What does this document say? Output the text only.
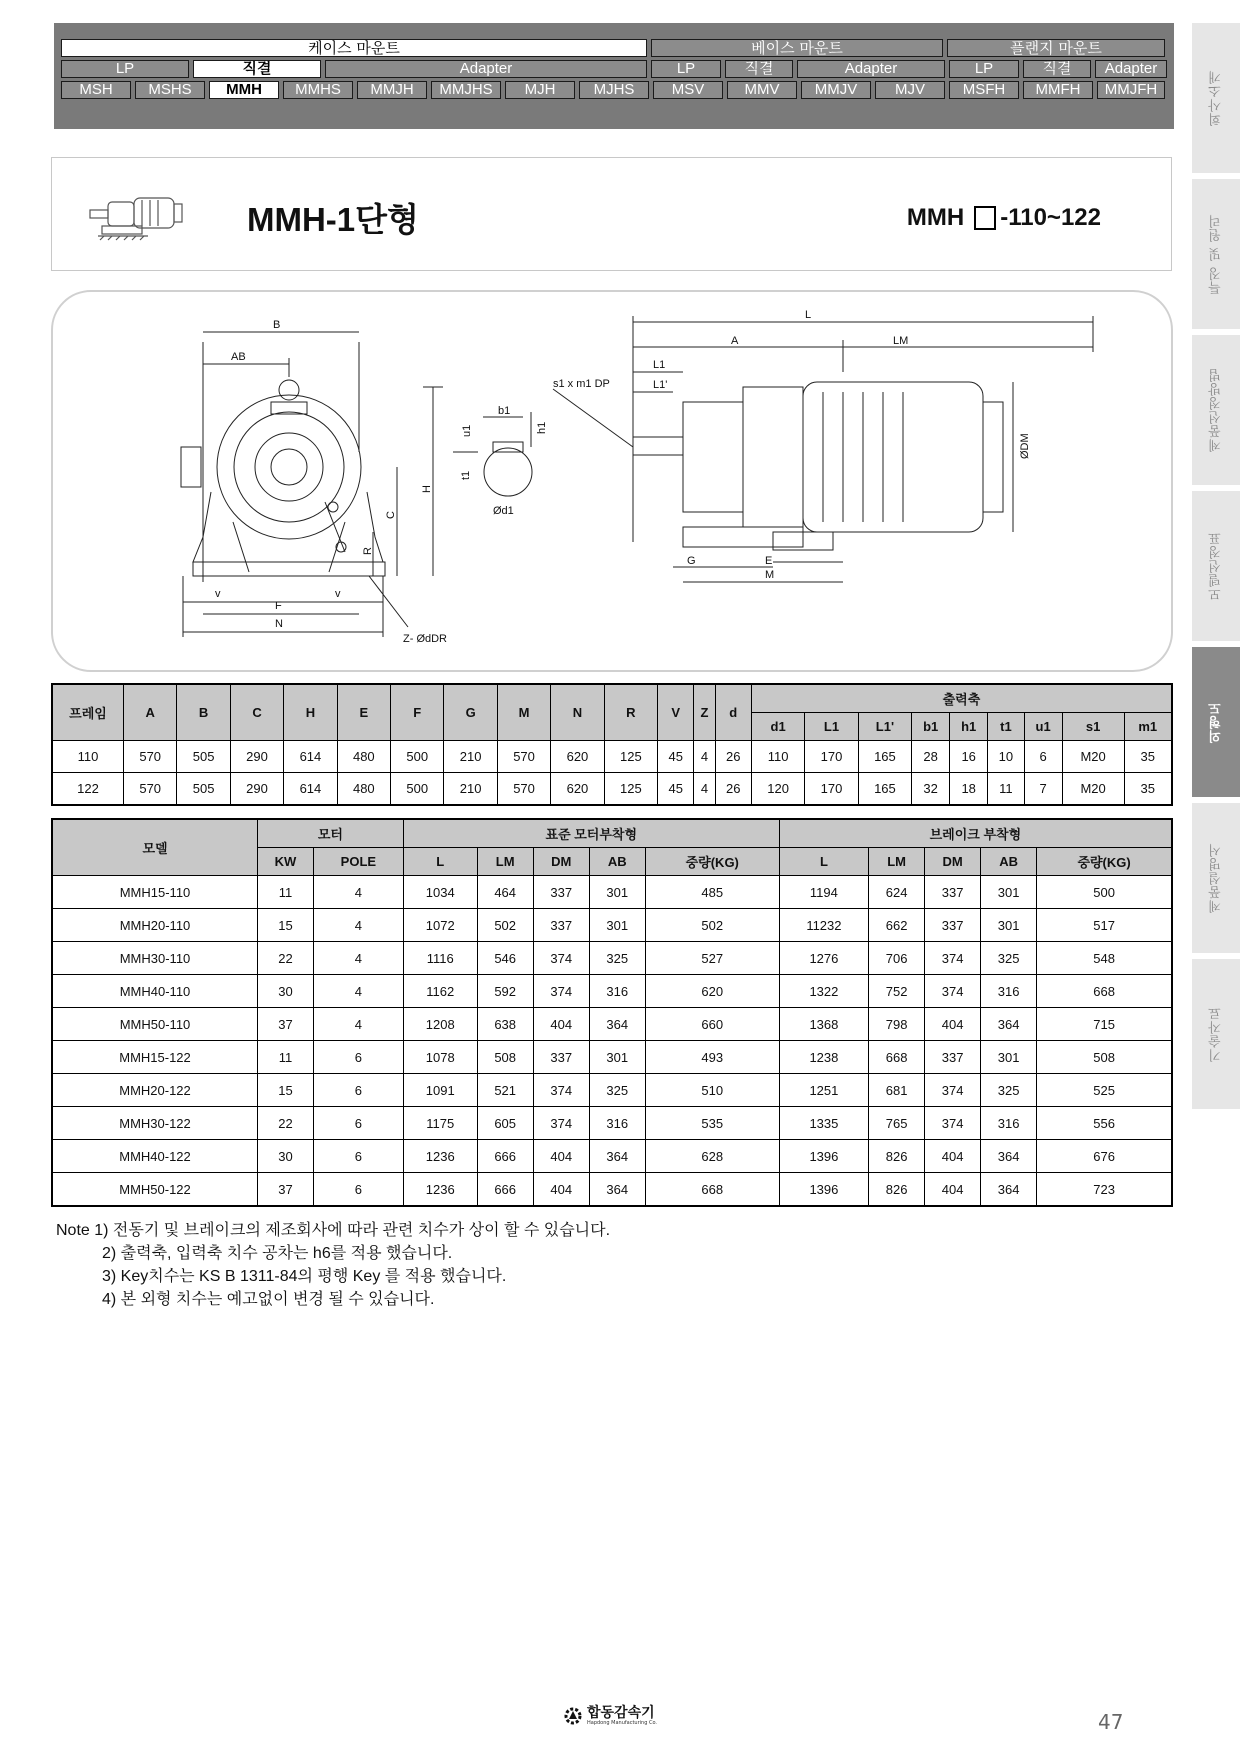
케이스 마운트	베이스 마운트	플랜지 마운트
LP	직결	Adapter	LP	직결	Adapter	LP	직결	Adapter
MSH	MSHS	MMH	MMHS	MMJH	MMJHS	MJH	MJHS	MSV	MMV	MMJV	MJV	MSFH	MMFH	MMJFH	회사소개
특징 및 원리
제품선정방법
모델선정표
외형도
제품설명서
기술자료
MMH-1단형	MMH -110~122
B
AB
H
C
R
v	v
F
N
Z- ØdDR
u1
t1
b1
h1
Ød1
s1 x m1 DP
L
A	LM
L1
L1'
ØDM
G	E
M
프레임	A	B	C	H	E	F	G	M	N	R	V	Z	d	출력축								
														d1	L1	L1'	b1	h1	t1	u1	s1	m1
110	570	505	290	614	480	500	210	570	620	125	45	4	26	110	170	165	28	16	10	6	M20	35
122	570	505	290	614	480	500	210	570	620	125	45	4	26	120	170	165	32	18	11	7	M20	35
모델	모터		표준 모터부착형					브레이크 부착형				
	KW	POLE	L	LM	DM	AB	중량(KG)	L	LM	DM	AB	중량(KG)
MMH15-110	11	4	1034	464	337	301	485	1194	624	337	301	500
MMH20-110	15	4	1072	502	337	301	502	11232	662	337	301	517
MMH30-110	22	4	1116	546	374	325	527	1276	706	374	325	548
MMH40-110	30	4	1162	592	374	316	620	1322	752	374	316	668
MMH50-110	37	4	1208	638	404	364	660	1368	798	404	364	715
MMH15-122	11	6	1078	508	337	301	493	1238	668	337	301	508
MMH20-122	15	6	1091	521	374	325	510	1251	681	374	325	525
MMH30-122	22	6	1175	605	374	316	535	1335	765	374	316	556
MMH40-122	30	6	1236	666	404	364	628	1396	826	404	364	676
MMH50-122	37	6	1236	666	404	364	668	1396	826	404	364	723
Note 1) 전동기 및 브레이크의 제조회사에 따라 관련 치수가 상이 할 수 있습니다.
2) 출력축, 입력축 치수 공차는 h6를 적용 했습니다.
3) Key치수는 KS B 1311-84의 평행 Key 를 적용 했습니다.
4) 본 외형 치수는 예고없이 변경 될 수 있습니다.
합동감속기
Hapdong Manufacturing Co.	47
